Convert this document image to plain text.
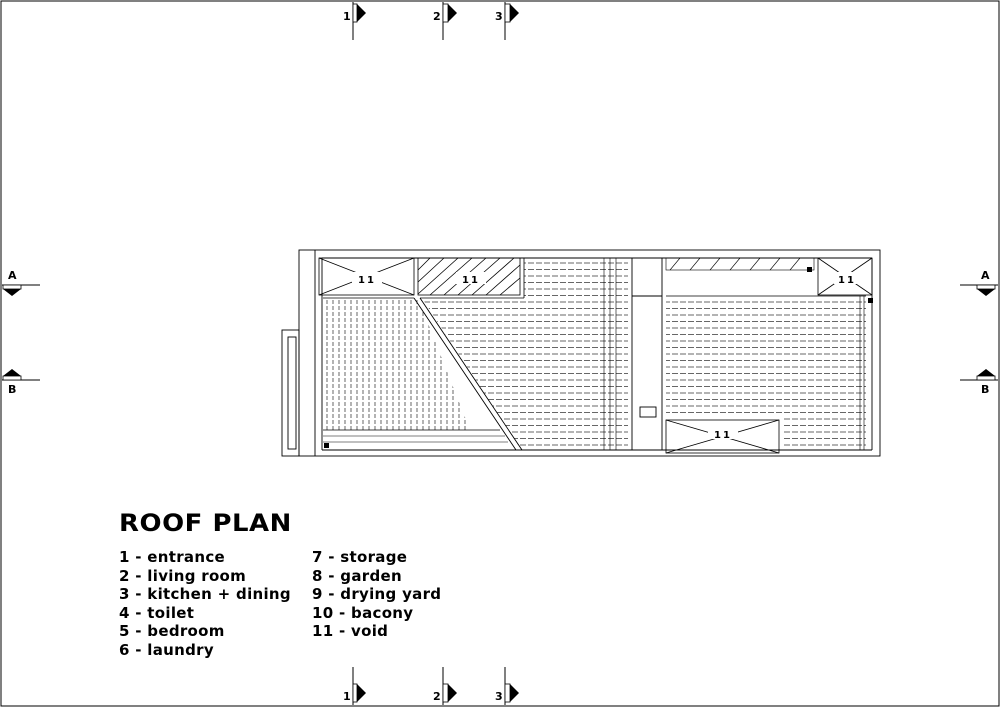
1	2	3
1	2	3
A
B
A
B
11	11	11
11
ROOF PLAN
1 - entrance
2 - living room
3 - kitchen + dining
4 - toilet
5 - bedroom
6 - laundry
7 - storage
8 - garden
9 - drying yard
10 - bacony
11 - void
